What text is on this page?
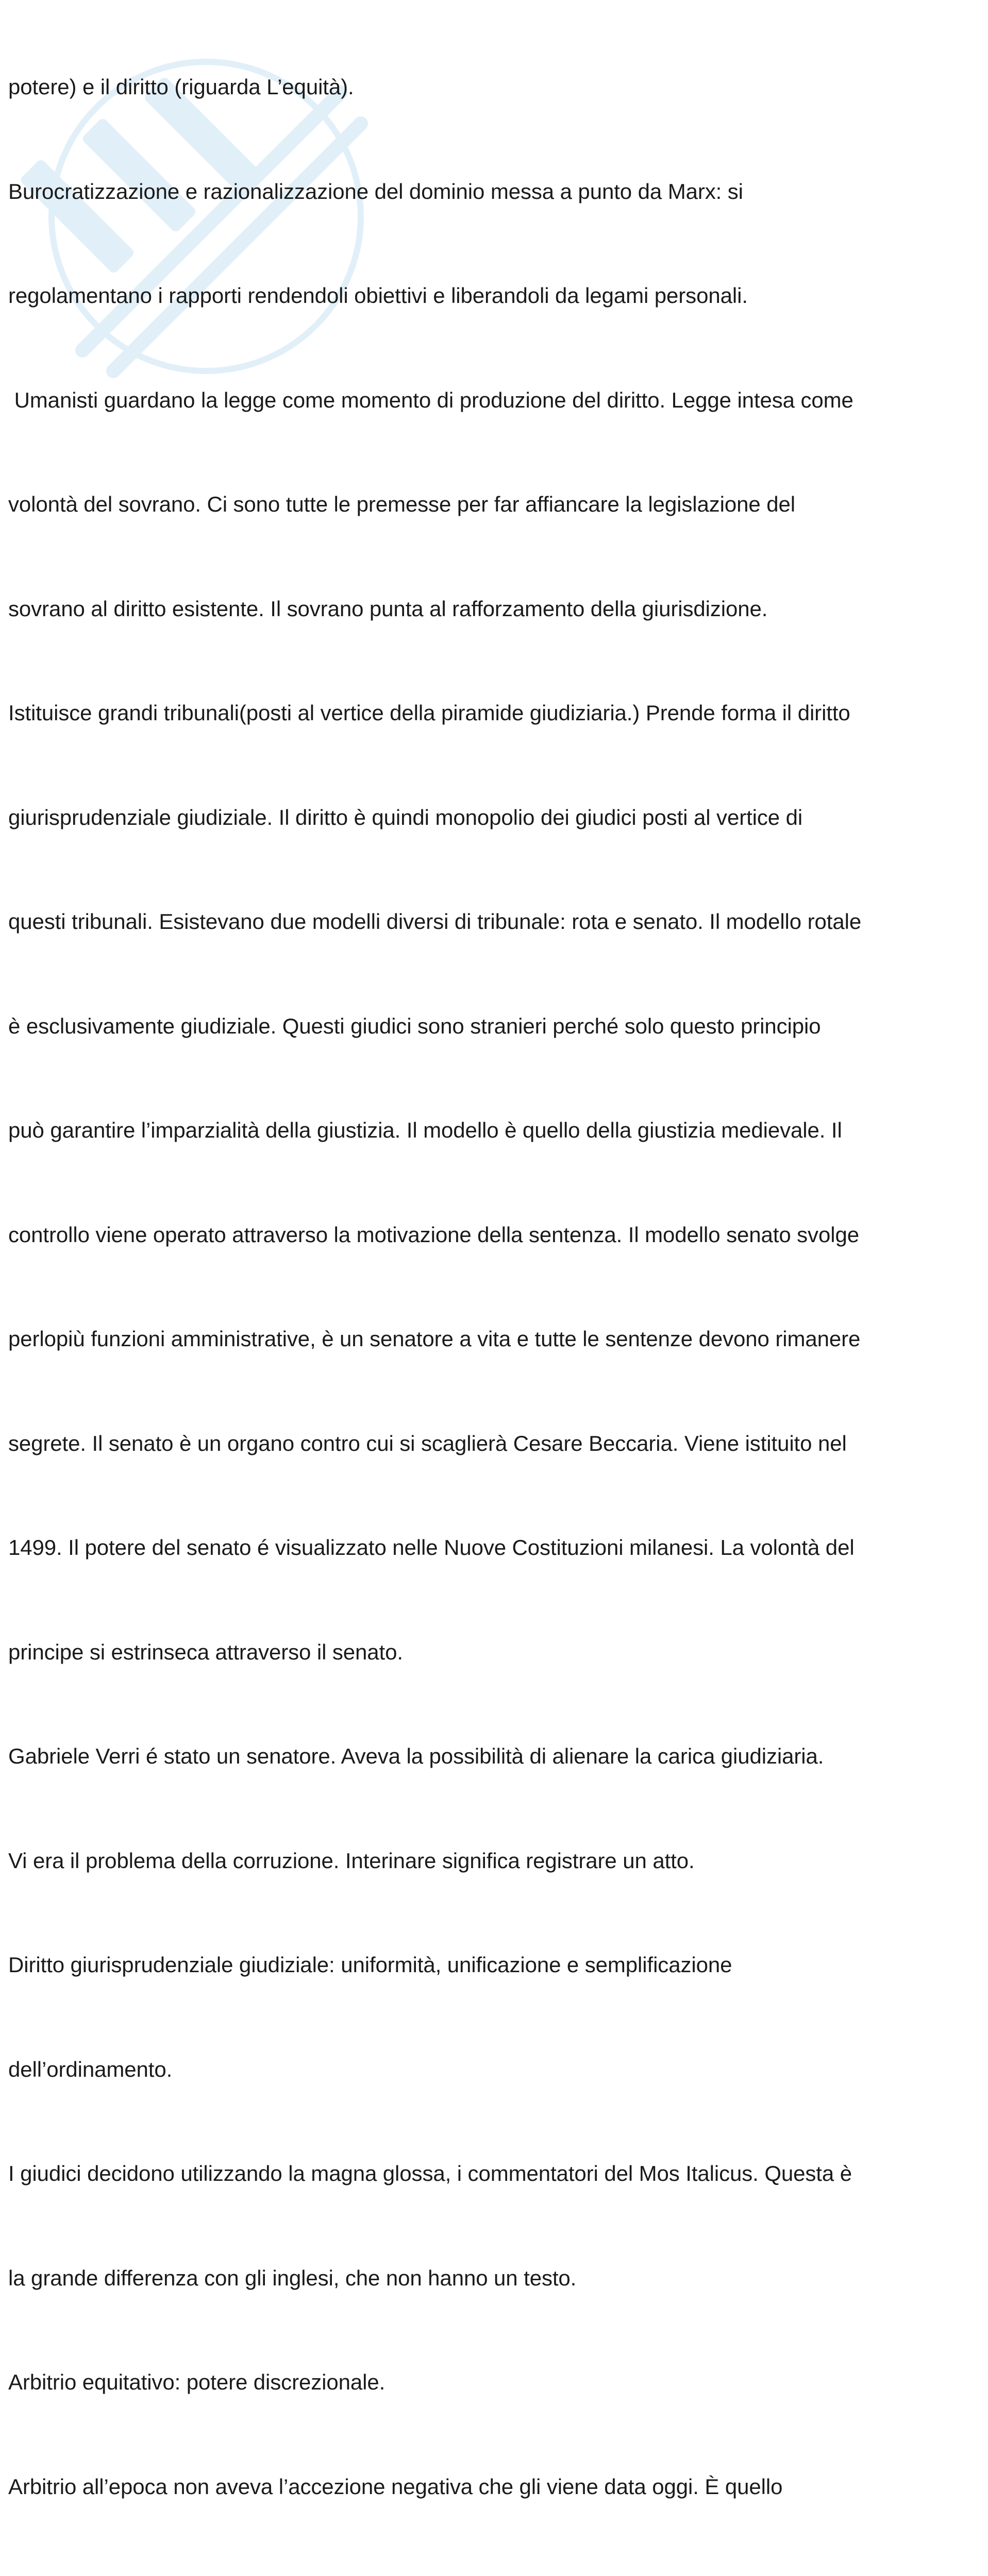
potere) e il diritto (riguarda L’equità).

Burocratizzazione e razionalizzazione del dominio messa a punto da Marx: si

regolamentano i rapporti rendendoli obiettivi e liberandoli da legami personali.

Umanisti guardano la legge come momento di produzione del diritto. Legge intesa come

volontà del sovrano. Ci sono tutte le premesse per far affiancare la legislazione del

sovrano al diritto esistente. Il sovrano punta al rafforzamento della giurisdizione.

Istituisce grandi tribunali(posti al vertice della piramide giudiziaria.) Prende forma il diritto

giurisprudenziale giudiziale. Il diritto è quindi monopolio dei giudici posti al vertice di

questi tribunali. Esistevano due modelli diversi di tribunale: rota e senato. Il modello rotale

è esclusivamente giudiziale. Questi giudici sono stranieri perché solo questo principio

può garantire l’imparzialità della giustizia. Il modello è quello della giustizia medievale. Il

controllo viene operato attraverso la motivazione della sentenza. Il modello senato svolge

perlopiù funzioni amministrative, è un senatore a vita e tutte le sentenze devono rimanere

segrete. Il senato è un organo contro cui si scaglierà Cesare Beccaria. Viene istituito nel

1499. Il potere del senato é visualizzato nelle Nuove Costituzioni milanesi. La volontà del

principe si estrinseca attraverso il senato.

Gabriele Verri é stato un senatore. Aveva la possibilità di alienare la carica giudiziaria.

Vi era il problema della corruzione. Interinare significa registrare un atto.

Diritto giurisprudenziale giudiziale: uniformità, unificazione e semplificazione

dell’ordinamento.

I giudici decidono utilizzando la magna glossa, i commentatori del Mos Italicus. Questa è

la grande differenza con gli inglesi, che non hanno un testo.

Arbitrio equitativo: potere discrezionale.

Arbitrio all’epoca non aveva l’accezione negativa che gli viene data oggi. È quello
